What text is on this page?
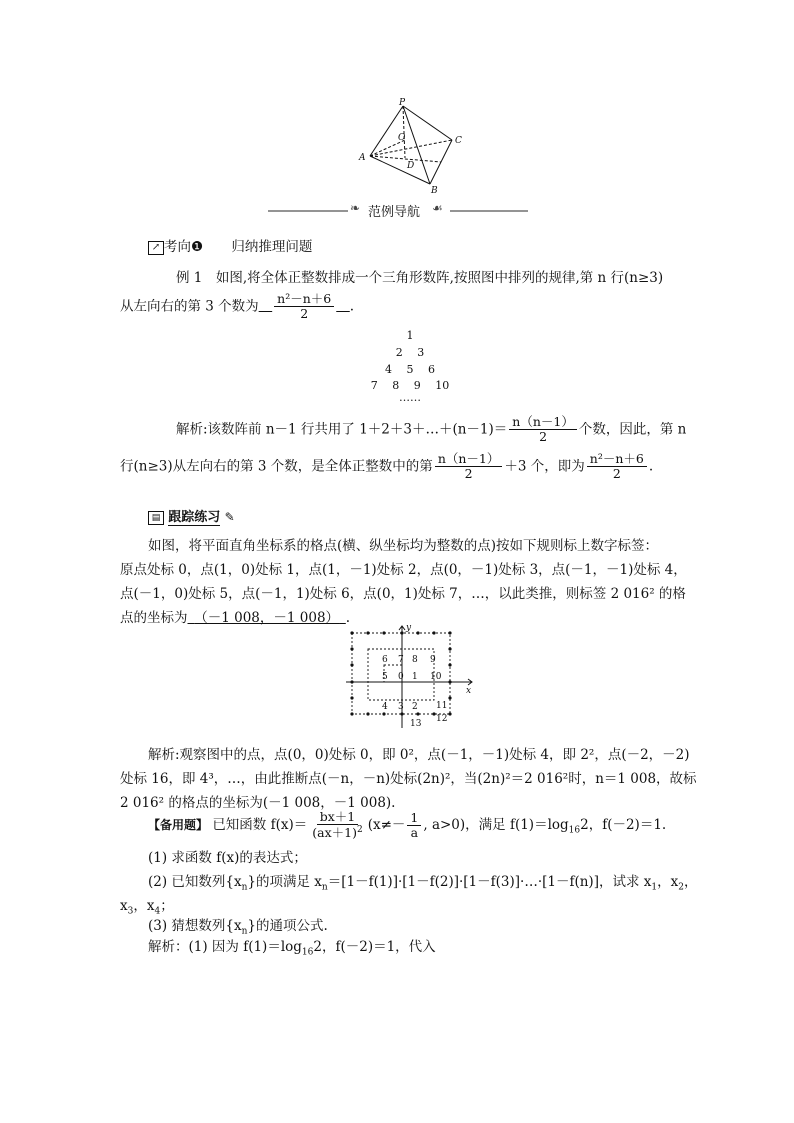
P
A
C
B
O
D
❧ 范例导航 ☙
↗ 考向❶ 归纳推理问题
例 1　如图,将全体正整数排成一个三角形数阵,按照图中排列的规律,第 n 行(n≥3)
从左向右的第 3 个数为   $\frac{\text{n²－n＋6}}{2}$
   .
1
2　 3
4　 5　 6
7　 8　 9　 10
……
解析:该数阵前 n－1 行共用了 1＋2＋3＋…＋(n－1)＝ $\frac{n(n-1)}{2}$ 个数，因此，第 n
行(n≥3)从左向右的第 3 个数，是全体正整数中的第 $\frac{n(n-1)}{2} +3$ 个，即为 $\frac{\text{n²－n＋6}}{2}$ .
▤ 跟踪练习 ✎
如图，将平面直角坐标系的格点(横、纵坐标均为整数的点)按如下规则标上数字标签：
原点处标 0，点(1，0)处标 1，点(1，－1)处标 2，点(0，－1)处标 3，点(－1，－1)处标 4，
点(－1，0)处标 5，点(－1，1)处标 6，点(0，1)处标 7，…，以此类推，则标签 2 016² 的格
点的坐标为  （－1 008，－1 008）  .
y
x
6 7 8 9
5 0 1 10
4 3 2 11
13 12
解析:观察图中的点，点(0，0)处标 0，即 0²，点(－1，－1)处标 4，即 2²，点(－2，－2)
处标 16，即 4³，…，由此推断点(－n，－n)处标(2n)²，当(2n)²＝2 016²时，n＝1 008，故标
2 016² 的格点的坐标为(－1 008，－1 008).
【备用题】 已知函数 $f(x)= \frac{bx+1}{(ax+1)^2} (x\ne- \frac{1}{a}$ , a>0)，满足 $f(1)=\log_{16}2$，f(－2)＝1.
(1) 求函数 f(x)的表达式；
(2) 已知数列$\{x_n\}$的项满足 $x_n=[1-f(1)]\cdot[1-f(2)]\cdot[1-f(3)]\cdot\dots\cdot[1-f(n)]$，试求 $x_1$，$x_2$，
$x_3$，$x_4$；
(3) 猜想数列$\{x_n\}$的通项公式.
解析：(1) 因为 $f(1)=\log_{16}2$，f(－2)＝1，代入
